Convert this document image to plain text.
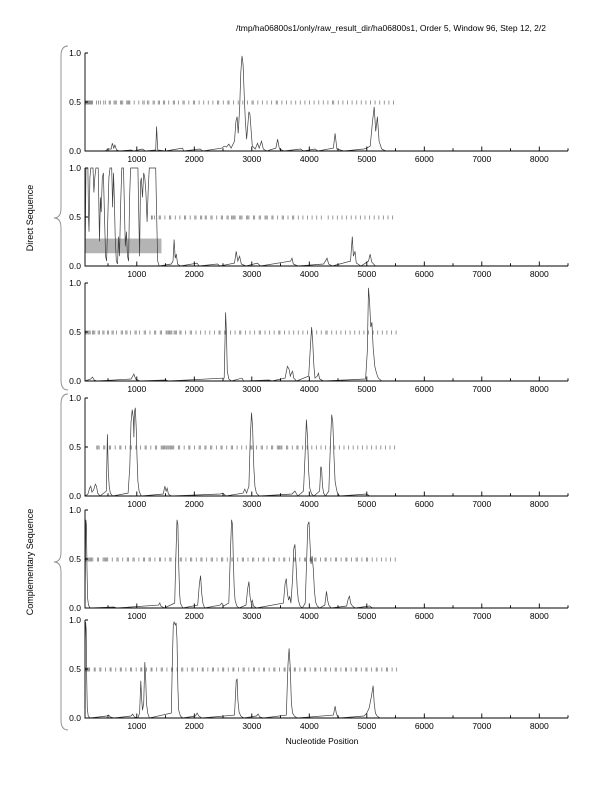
/tmp/ha06800s1/only/raw_result_dir/ha06800s1, Order 5, Window 96, Step 12, 2/2
Direct Sequence
Complementary Sequence
1000	2000	3000	4000	5000	6000	7000	8000
1.0
0.5
0.0
1000	2000	3000	4000	5000	6000	7000	8000
1.0
0.5
0.0
1000	2000	3000	4000	5000	6000	7000	8000
1.0
0.5
0.0
1000	2000	3000	4000	5000	6000	7000	8000
1.0
0.5
0.0
1000	2000	3000	4000	5000	6000	7000	8000
1.0
0.5
0.0
1000	2000	3000	4000	5000	6000	7000	8000
1.0
0.5
0.0
Nucleotide Position
